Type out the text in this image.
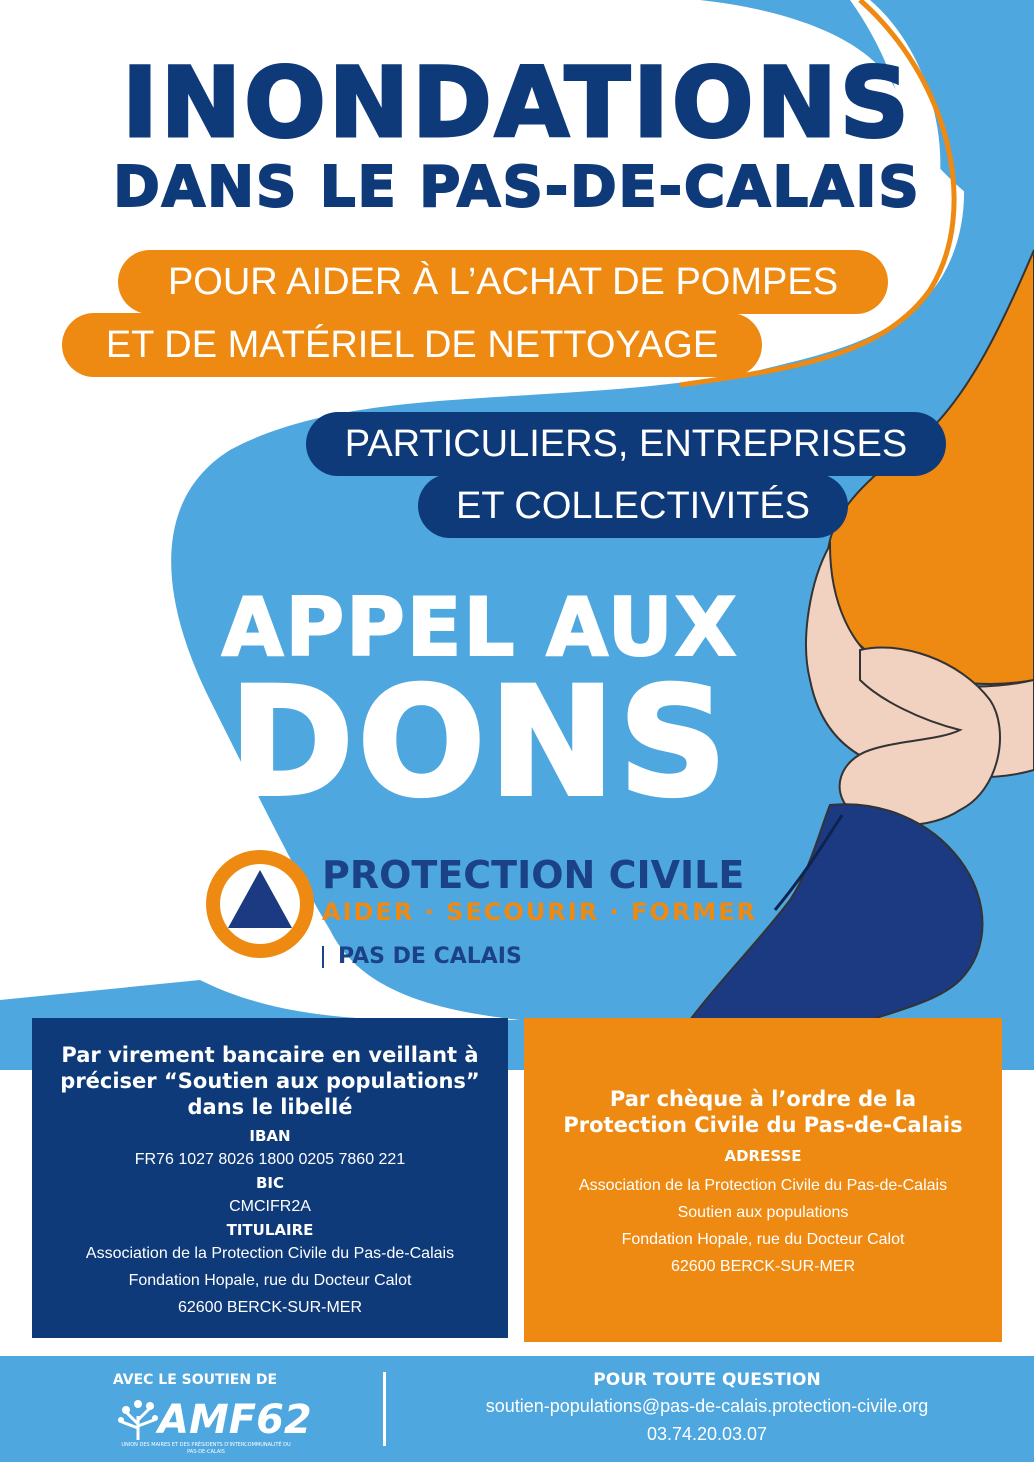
INONDATIONS
DANS LE PAS-DE-CALAIS
POUR AIDER À L’ACHAT DE POMPES
ET DE MATÉRIEL DE NETTOYAGE
PARTICULIERS, ENTREPRISES
ET COLLECTIVITÉS
APPEL AUX
DONS
PROTECTION CIVILE
AIDER · SECOURIR · FORMER
PAS DE CALAIS
Par virement bancaire en veillant à
préciser “Soutien aux populations”
dans le libellé
IBAN
FR76 1027 8026 1800 0205 7860 221
BIC
CMCIFR2A
TITULAIRE
Association de la Protection Civile du Pas-de-Calais
Fondation Hopale, rue du Docteur Calot
62600 BERCK-SUR-MER
Par chèque à l’ordre de la
Protection Civile du Pas-de-Calais
ADRESSE
Association de la Protection Civile du Pas-de-Calais
Soutien aux populations
Fondation Hopale, rue du Docteur Calot
62600 BERCK-SUR-MER
AVEC LE SOUTIEN DE
AMF62
UNION DES MAIRES ET DES PRÉSIDENTS D'INTERCOMMUNALITÉ DU PAS-DE-CALAIS
POUR TOUTE QUESTION
soutien-populations@pas-de-calais.protection-civile.org
03.74.20.03.07
